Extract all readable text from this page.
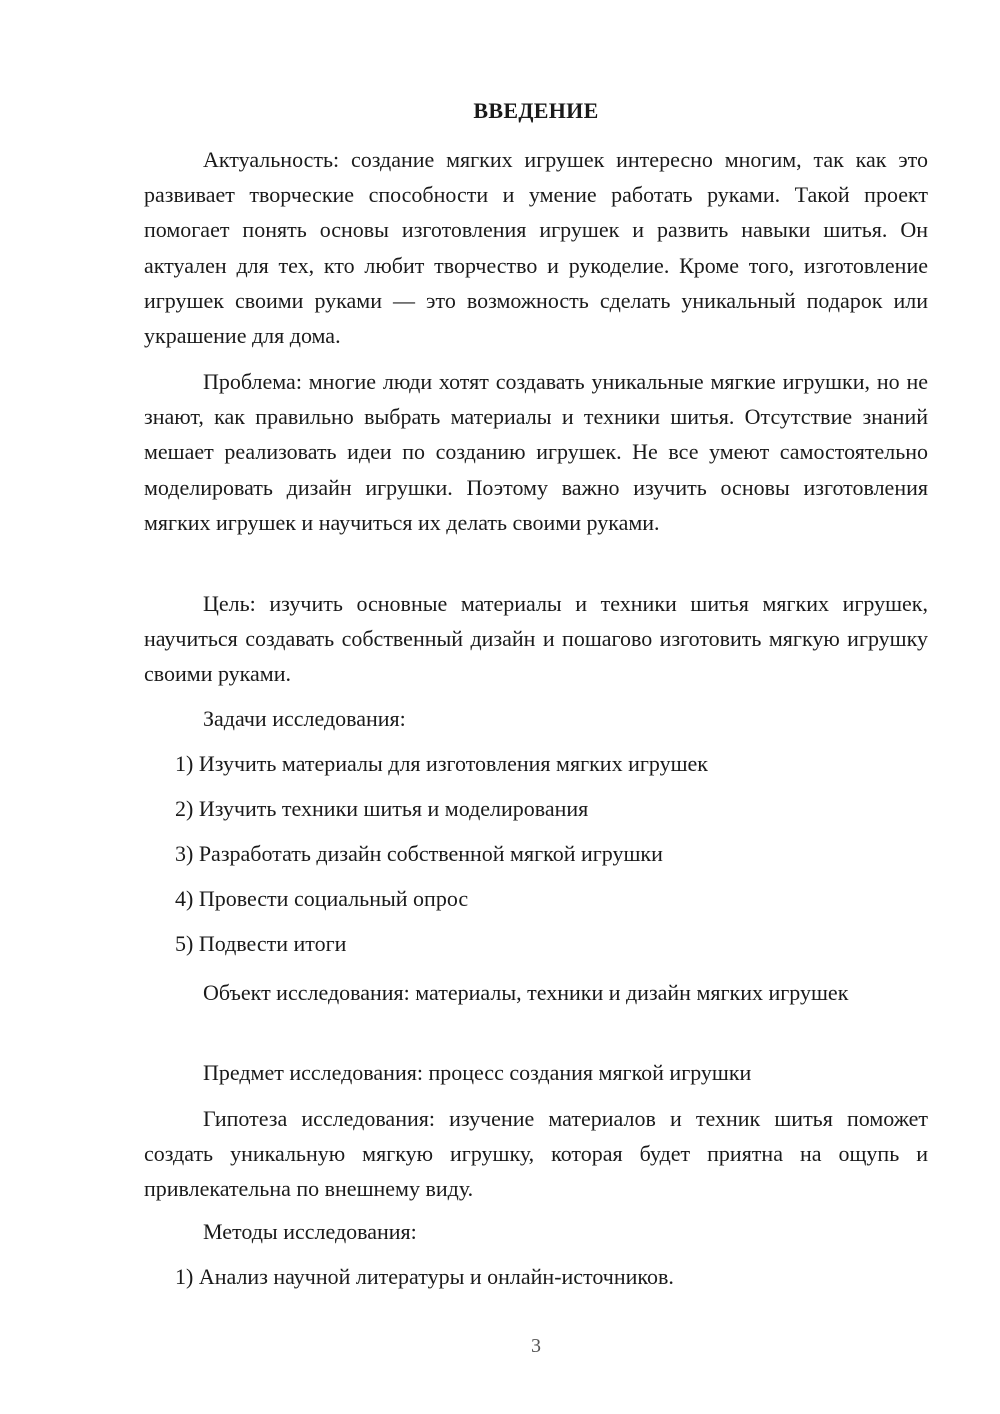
ВВЕДЕНИЕ

Актуальность: создание мягких игрушек интересно многим, так как это развивает творческие способности и умение работать руками. Такой проект помогает понять основы изготовления игрушек и развить навыки шитья. Он актуален для тех, кто любит творчество и рукоделие. Кроме того, изготовление игрушек своими руками — это возможность сделать уникальный подарок или украшение для дома.

Проблема: многие люди хотят создавать уникальные мягкие игрушки, но не знают, как правильно выбрать материалы и техники шитья. Отсутствие знаний мешает реализовать идеи по созданию игрушек. Не все умеют самостоятельно моделировать дизайн игрушки. Поэтому важно изучить основы изготовления мягких игрушек и научиться их делать своими руками.

Цель: изучить основные материалы и техники шитья мягких игрушек, научиться создавать собственный дизайн и пошагово изготовить мягкую игрушку своими руками.

Задачи исследования:

1) Изучить материалы для изготовления мягких игрушек

2) Изучить техники шитья и моделирования

3) Разработать дизайн собственной мягкой игрушки

4) Провести социальный опрос

5) Подвести итоги

Объект исследования: материалы, техники и дизайн мягких игрушек

Предмет исследования: процесс создания мягкой игрушки

Гипотеза исследования: изучение материалов и техник шитья поможет создать уникальную мягкую игрушку, которая будет приятна на ощупь и привлекательна по внешнему виду.

Методы исследования:

1) Анализ научной литературы и онлайн-источников.

3
